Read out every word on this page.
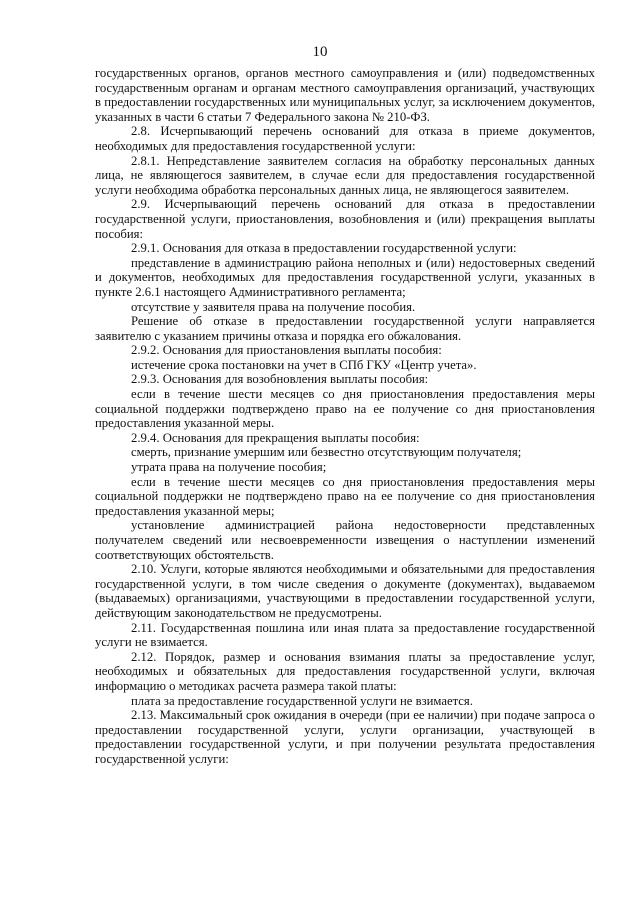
10

государственных органов, органов местного самоуправления и (или) подведомственных государственным органам и органам местного самоуправления организаций, участвующих в предоставлении государственных или муниципальных услуг, за исключением документов, указанных в части 6 статьи 7 Федерального закона № 210-ФЗ.

2.8. Исчерпывающий перечень оснований для отказа в приеме документов, необходимых для предоставления государственной услуги:

2.8.1. Непредставление заявителем согласия на обработку персональных данных лица, не являющегося заявителем, в случае если для предоставления государственной услуги необходима обработка персональных данных лица, не являющегося заявителем.

2.9. Исчерпывающий перечень оснований для отказа в предоставлении государственной услуги, приостановления, возобновления и (или) прекращения выплаты пособия:

2.9.1. Основания для отказа в предоставлении государственной услуги:

представление в администрацию района неполных и (или) недостоверных сведений и документов, необходимых для предоставления государственной услуги, указанных в пункте 2.6.1 настоящего Административного регламента;

отсутствие у заявителя права на получение пособия.

Решение об отказе в предоставлении государственной услуги направляется заявителю с указанием причины отказа и порядка его обжалования.

2.9.2. Основания для приостановления выплаты пособия:

истечение срока постановки на учет в СПб ГКУ «Центр учета».

2.9.3. Основания для возобновления выплаты пособия:

если в течение шести месяцев со дня приостановления предоставления меры социальной поддержки подтверждено право на ее получение со дня приостановления предоставления указанной меры.

2.9.4. Основания для прекращения выплаты пособия:

смерть, признание умершим или безвестно отсутствующим получателя;

утрата права на получение пособия;

если в течение шести месяцев со дня приостановления предоставления меры социальной поддержки не подтверждено право на ее получение со дня приостановления предоставления указанной меры;

установление администрацией района недостоверности представленных получателем сведений или несвоевременности извещения о наступлении изменений соответствующих обстоятельств.

2.10. Услуги, которые являются необходимыми и обязательными для предоставления государственной услуги, в том числе сведения о документе (документах), выдаваемом (выдаваемых) организациями, участвующими в предоставлении государственной услуги, действующим законодательством не предусмотрены.

2.11. Государственная пошлина или иная плата за предоставление государственной услуги не взимается.

2.12. Порядок, размер и основания взимания платы за предоставление услуг, необходимых и обязательных для предоставления государственной услуги, включая информацию о методиках расчета размера такой платы:

плата за предоставление государственной услуги не взимается.

2.13. Максимальный срок ожидания в очереди (при ее наличии) при подаче запроса о предоставлении государственной услуги, услуги организации, участвующей в предоставлении государственной услуги, и при получении результата предоставления государственной услуги:
